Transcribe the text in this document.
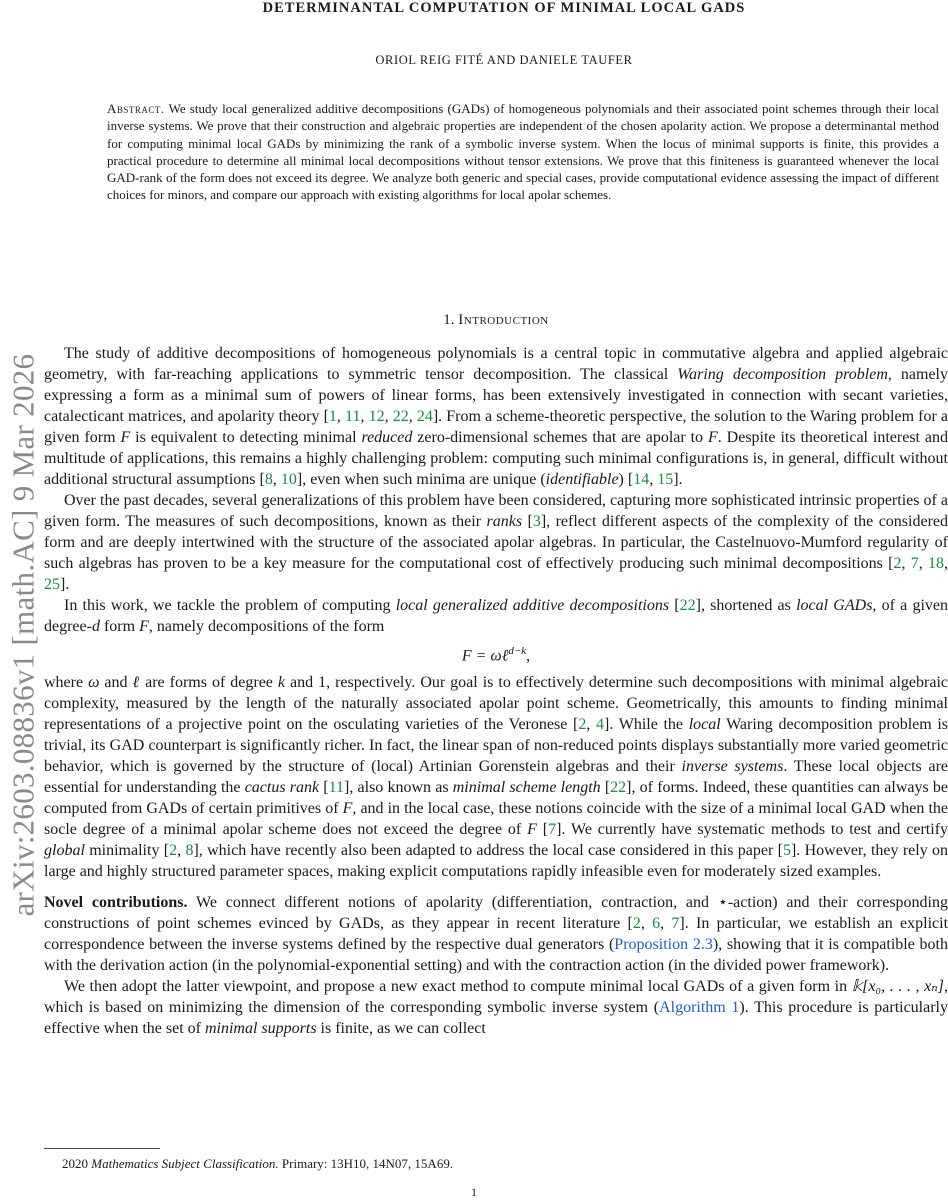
arXiv:2603.08836v1 [math.AC] 9 Mar 2026
DETERMINANTAL COMPUTATION OF MINIMAL LOCAL GADS
ORIOL REIG FITÉ AND DANIELE TAUFER
Abstract. We study local generalized additive decompositions (GADs) of homogeneous polynomials and their associated point schemes through their local inverse systems. We prove that their construction and algebraic properties are independent of the chosen apolarity action. We propose a determinantal method for computing minimal local GADs by minimizing the rank of a symbolic inverse system. When the locus of minimal supports is finite, this provides a practical procedure to determine all minimal local decompositions without tensor extensions. We prove that this finiteness is guaranteed whenever the local GAD-rank of the form does not exceed its degree. We analyze both generic and special cases, provide computational evidence assessing the impact of different choices for minors, and compare our approach with existing algorithms for local apolar schemes.
1. Introduction

The study of additive decompositions of homogeneous polynomials is a central topic in commutative algebra and applied algebraic geometry, with far-reaching applications to symmetric tensor decomposition. The classical Waring decomposition problem, namely expressing a form as a minimal sum of powers of linear forms, has been extensively investigated in connection with secant varieties, catalecticant matrices, and apolarity theory [1, 11, 12, 22, 24]. From a scheme-theoretic perspective, the solution to the Waring problem for a given form F is equivalent to detecting minimal reduced zero-dimensional schemes that are apolar to F. Despite its theoretical interest and multitude of applications, this remains a highly challenging problem: computing such minimal configurations is, in general, difficult without additional structural assumptions [8, 10], even when such minima are unique (identifiable) [14, 15].

Over the past decades, several generalizations of this problem have been considered, capturing more sophisticated intrinsic properties of a given form. The measures of such decompositions, known as their ranks [3], reflect different aspects of the complexity of the considered form and are deeply intertwined with the structure of the associated apolar algebras. In particular, the Castelnuovo-Mumford regularity of such algebras has proven to be a key measure for the computational cost of effectively producing such minimal decompositions [2, 7, 18, 25].

In this work, we tackle the problem of computing local generalized additive decompositions [22], shortened as local GADs, of a given degree-d form F, namely decompositions of the form

F = ωℓ$^{d-k}$,

where ω and ℓ are forms of degree k and 1, respectively. Our goal is to effectively determine such decompositions with minimal algebraic complexity, measured by the length of the naturally associated apolar point scheme. Geometrically, this amounts to finding minimal representations of a projective point on the osculating varieties of the Veronese [2, 4]. While the local Waring decomposition problem is trivial, its GAD counterpart is significantly richer. In fact, the linear span of non-reduced points displays substantially more varied geometric behavior, which is governed by the structure of (local) Artinian Gorenstein algebras and their inverse systems. These local objects are essential for understanding the cactus rank [11], also known as minimal scheme length [22], of forms. Indeed, these quantities can always be computed from GADs of certain primitives of F, and in the local case, these notions coincide with the size of a minimal local GAD when the socle degree of a minimal apolar scheme does not exceed the degree of F [7]. We currently have systematic methods to test and certify global minimality [2, 8], which have recently also been adapted to address the local case considered in this paper [5]. However, they rely on large and highly structured parameter spaces, making explicit computations rapidly infeasible even for moderately sized examples.

Novel contributions. We connect different notions of apolarity (differentiation, contraction, and ⋆-action) and their corresponding constructions of point schemes evinced by GADs, as they appear in recent literature [2, 6, 7]. In particular, we establish an explicit correspondence between the inverse systems defined by the respective dual generators (Proposition 2.3), showing that it is compatible both with the derivation action (in the polynomial-exponential setting) and with the contraction action (in the divided power framework).

We then adopt the latter viewpoint, and propose a new exact method to compute minimal local GADs of a given form in 𝕜[x₀, . . . , xₙ], which is based on minimizing the dimension of the corresponding symbolic inverse system (Algorithm 1). This procedure is particularly effective when the set of minimal supports is finite, as we can collect

2020 Mathematics Subject Classification. Primary: 13H10, 14N07, 15A69.
1
